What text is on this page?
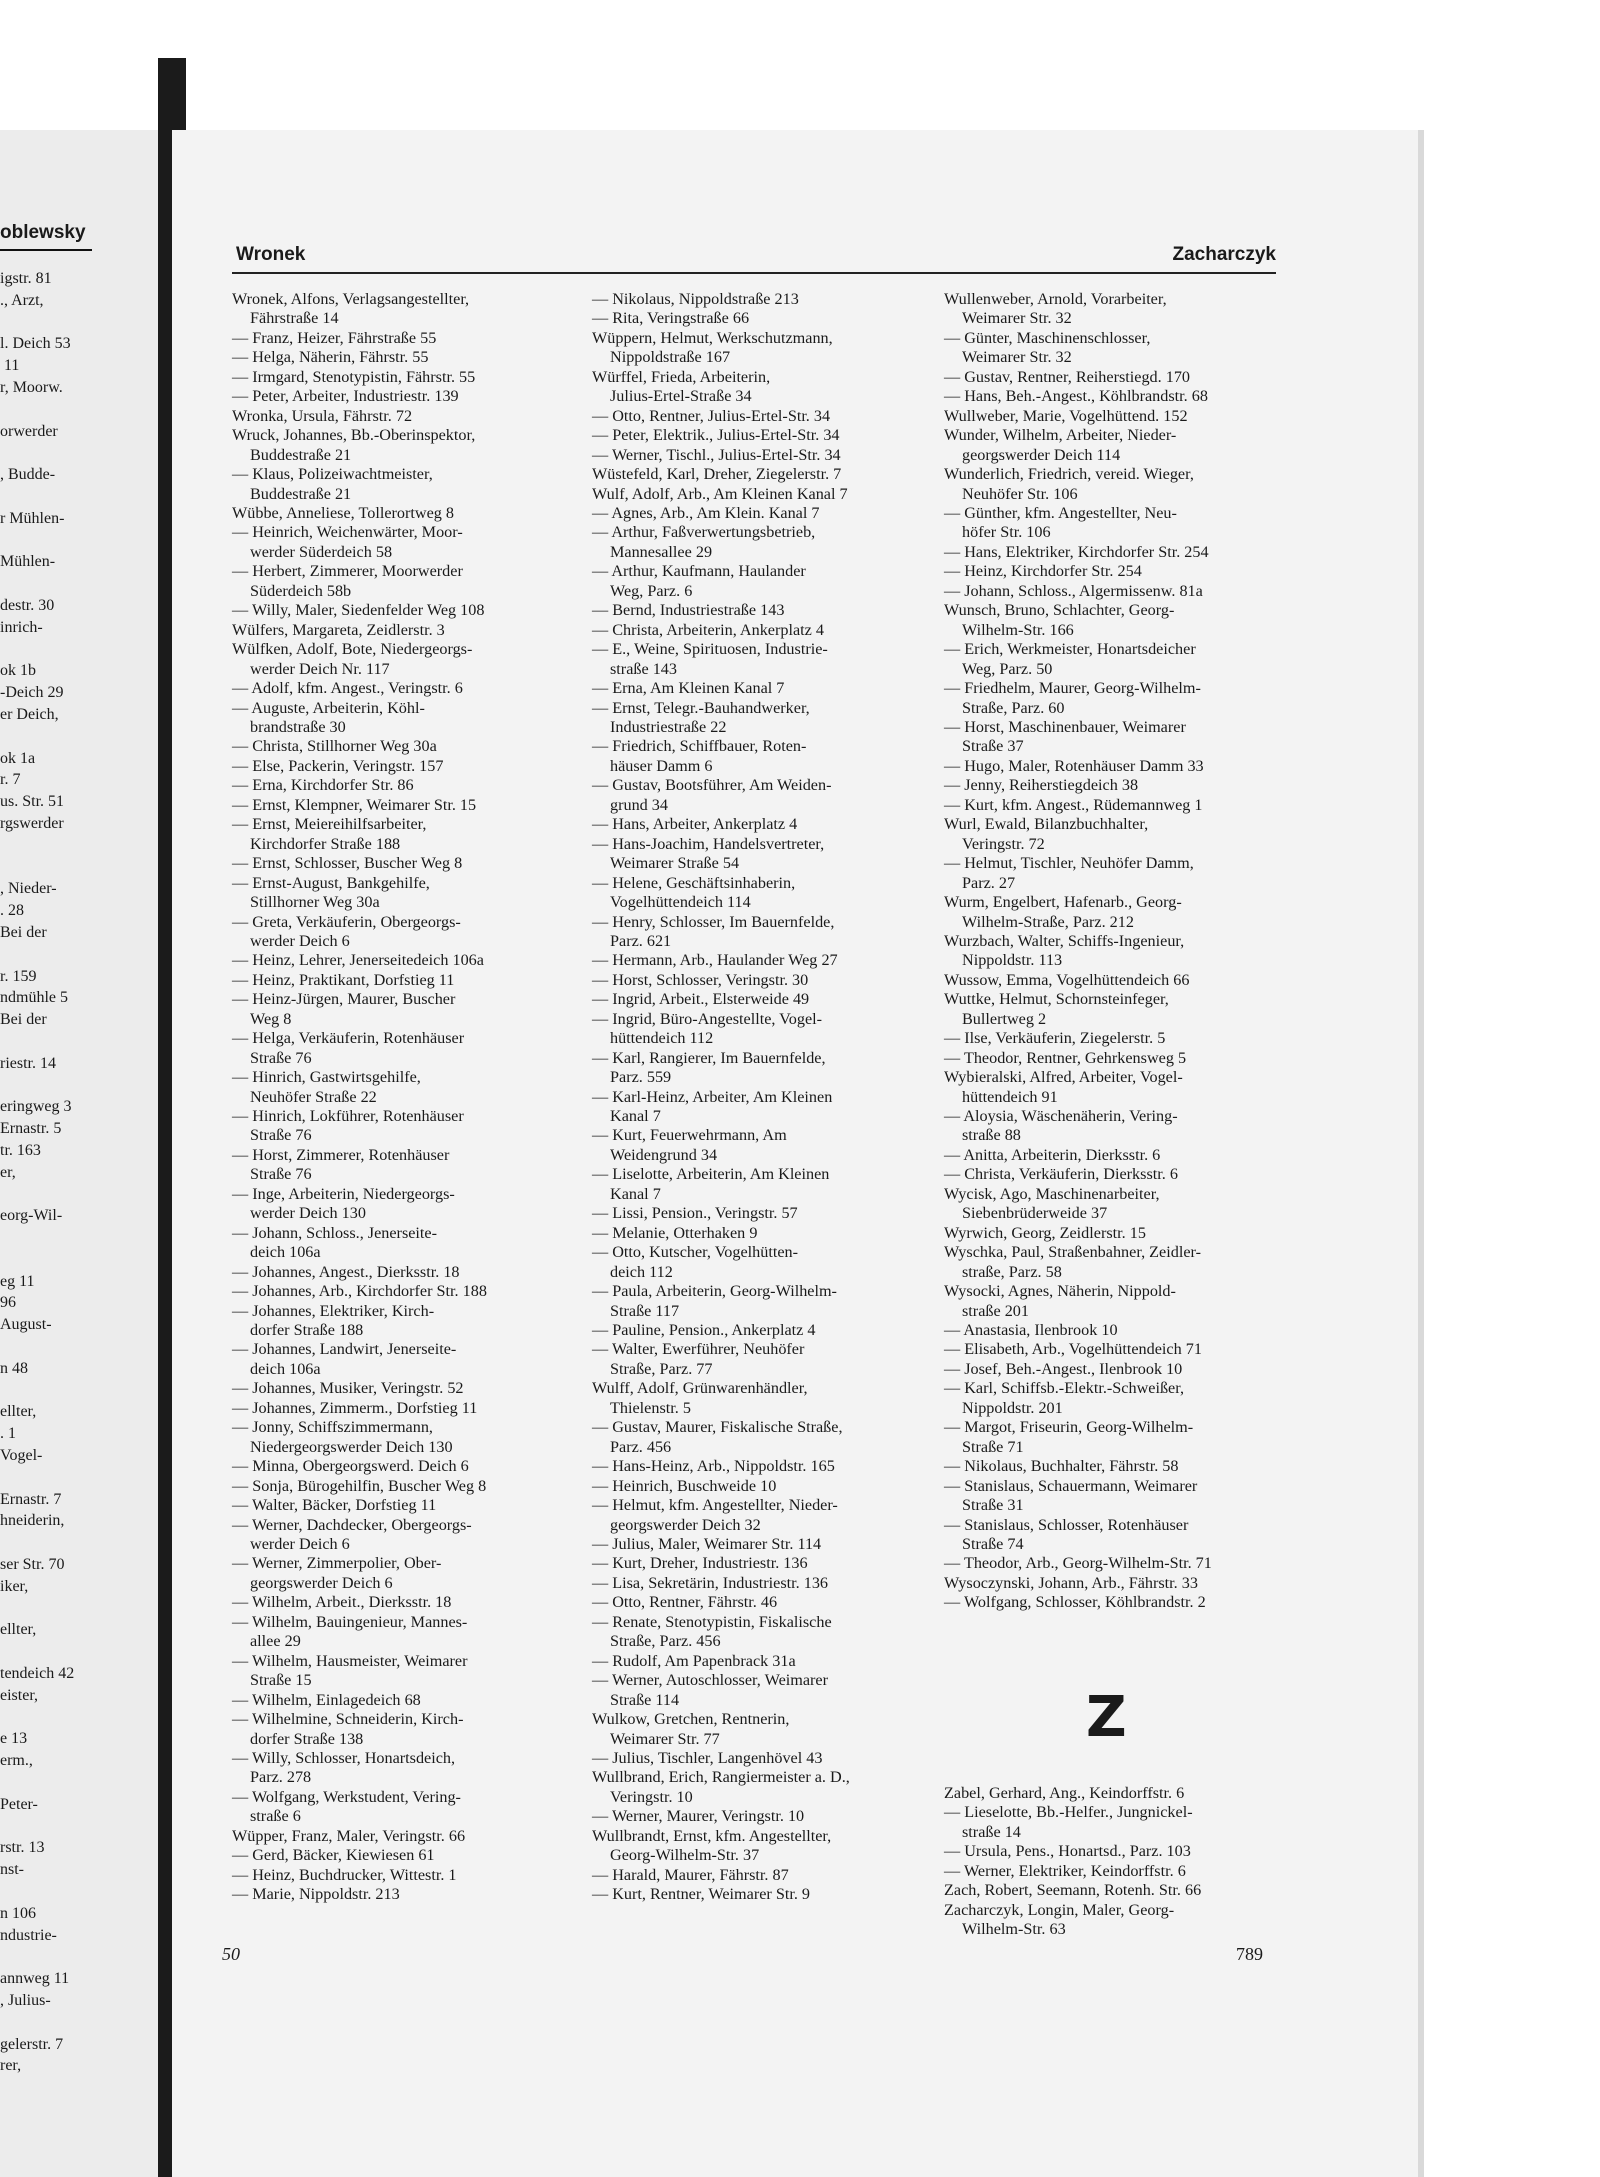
oblewsky
igstr. 81
., Arzt,

l. Deich 53
11
r, Moorw.

orwerder

, Budde-

r Mühlen-

Mühlen-

destr. 30
inrich-

ok 1b
-Deich 29
er Deich,

ok 1a
r. 7
us. Str. 51
rgswerder

, Nieder-
. 28
Bei der

r. 159
ndmühle 5
Bei der

riestr. 14

eringweg 3
Ernastr. 5
tr. 163
er,

eorg-Wil-

eg 11
96
August-

n 48

ellter,
. 1
Vogel-

Ernastr. 7
hneiderin,

ser Str. 70
iker,

ellter,

tendeich 42
eister,

e 13
erm.,

Peter-

rstr. 13
nst-

n 106
ndustrie-

annweg 11
, Julius-

gelerstr. 7
rer,
Wronek	Zacharczyk
Wronek, Alfons, Verlagsangestellter,
Fährstraße 14
— Franz, Heizer, Fährstraße 55
— Helga, Näherin, Fährstr. 55
— Irmgard, Stenotypistin, Fährstr. 55
— Peter, Arbeiter, Industriestr. 139
Wronka, Ursula, Fährstr. 72
Wruck, Johannes, Bb.-Oberinspektor,
Buddestraße 21
— Klaus, Polizeiwachtmeister,
Buddestraße 21
Wübbe, Anneliese, Tollerortweg 8
— Heinrich, Weichenwärter, Moor-
werder Süderdeich 58
— Herbert, Zimmerer, Moorwerder
Süderdeich 58b
— Willy, Maler, Siedenfelder Weg 108
Wülfers, Margareta, Zeidlerstr. 3
Wülfken, Adolf, Bote, Niedergeorgs-
werder Deich Nr. 117
— Adolf, kfm. Angest., Veringstr. 6
— Auguste, Arbeiterin, Köhl-
brandstraße 30
— Christa, Stillhorner Weg 30a
— Else, Packerin, Veringstr. 157
— Erna, Kirchdorfer Str. 86
— Ernst, Klempner, Weimarer Str. 15
— Ernst, Meiereihilfsarbeiter,
Kirchdorfer Straße 188
— Ernst, Schlosser, Buscher Weg 8
— Ernst-August, Bankgehilfe,
Stillhorner Weg 30a
— Greta, Verkäuferin, Obergeorgs-
werder Deich 6
— Heinz, Lehrer, Jenerseitedeich 106a
— Heinz, Praktikant, Dorfstieg 11
— Heinz-Jürgen, Maurer, Buscher
Weg 8
— Helga, Verkäuferin, Rotenhäuser
Straße 76
— Hinrich, Gastwirtsgehilfe,
Neuhöfer Straße 22
— Hinrich, Lokführer, Rotenhäuser
Straße 76
— Horst, Zimmerer, Rotenhäuser
Straße 76
— Inge, Arbeiterin, Niedergeorgs-
werder Deich 130
— Johann, Schloss., Jenerseite-
deich 106a
— Johannes, Angest., Dierksstr. 18
— Johannes, Arb., Kirchdorfer Str. 188
— Johannes, Elektriker, Kirch-
dorfer Straße 188
— Johannes, Landwirt, Jenerseite-
deich 106a
— Johannes, Musiker, Veringstr. 52
— Johannes, Zimmerm., Dorfstieg 11
— Jonny, Schiffszimmermann,
Niedergeorgswerder Deich 130
— Minna, Obergeorgswerd. Deich 6
— Sonja, Bürogehilfin, Buscher Weg 8
— Walter, Bäcker, Dorfstieg 11
— Werner, Dachdecker, Obergeorgs-
werder Deich 6
— Werner, Zimmerpolier, Ober-
georgswerder Deich 6
— Wilhelm, Arbeit., Dierksstr. 18
— Wilhelm, Bauingenieur, Mannes-
allee 29
— Wilhelm, Hausmeister, Weimarer
Straße 15
— Wilhelm, Einlagedeich 68
— Wilhelmine, Schneiderin, Kirch-
dorfer Straße 138
— Willy, Schlosser, Honartsdeich,
Parz. 278
— Wolfgang, Werkstudent, Vering-
straße 6
Wüpper, Franz, Maler, Veringstr. 66
— Gerd, Bäcker, Kiewiesen 61
— Heinz, Buchdrucker, Wittestr. 1
— Marie, Nippoldstr. 213
— Nikolaus, Nippoldstraße 213
— Rita, Veringstraße 66
Wüppern, Helmut, Werkschutzmann,
Nippoldstraße 167
Würffel, Frieda, Arbeiterin,
Julius-Ertel-Straße 34
— Otto, Rentner, Julius-Ertel-Str. 34
— Peter, Elektrik., Julius-Ertel-Str. 34
— Werner, Tischl., Julius-Ertel-Str. 34
Wüstefeld, Karl, Dreher, Ziegelerstr. 7
Wulf, Adolf, Arb., Am Kleinen Kanal 7
— Agnes, Arb., Am Klein. Kanal 7
— Arthur, Faßverwertungsbetrieb,
Mannesallee 29
— Arthur, Kaufmann, Haulander
Weg, Parz. 6
— Bernd, Industriestraße 143
— Christa, Arbeiterin, Ankerplatz 4
— E., Weine, Spirituosen, Industrie-
straße 143
— Erna, Am Kleinen Kanal 7
— Ernst, Telegr.-Bauhandwerker,
Industriestraße 22
— Friedrich, Schiffbauer, Roten-
häuser Damm 6
— Gustav, Bootsführer, Am Weiden-
grund 34
— Hans, Arbeiter, Ankerplatz 4
— Hans-Joachim, Handelsvertreter,
Weimarer Straße 54
— Helene, Geschäftsinhaberin,
Vogelhüttendeich 114
— Henry, Schlosser, Im Bauernfelde,
Parz. 621
— Hermann, Arb., Haulander Weg 27
— Horst, Schlosser, Veringstr. 30
— Ingrid, Arbeit., Elsterweide 49
— Ingrid, Büro-Angestellte, Vogel-
hüttendeich 112
— Karl, Rangierer, Im Bauernfelde,
Parz. 559
— Karl-Heinz, Arbeiter, Am Kleinen
Kanal 7
— Kurt, Feuerwehrmann, Am
Weidengrund 34
— Liselotte, Arbeiterin, Am Kleinen
Kanal 7
— Lissi, Pension., Veringstr. 57
— Melanie, Otterhaken 9
— Otto, Kutscher, Vogelhütten-
deich 112
— Paula, Arbeiterin, Georg-Wilhelm-
Straße 117
— Pauline, Pension., Ankerplatz 4
— Walter, Ewerführer, Neuhöfer
Straße, Parz. 77
Wulff, Adolf, Grünwarenhändler,
Thielenstr. 5
— Gustav, Maurer, Fiskalische Straße,
Parz. 456
— Hans-Heinz, Arb., Nippoldstr. 165
— Heinrich, Buschweide 10
— Helmut, kfm. Angestellter, Nieder-
georgswerder Deich 32
— Julius, Maler, Weimarer Str. 114
— Kurt, Dreher, Industriestr. 136
— Lisa, Sekretärin, Industriestr. 136
— Otto, Rentner, Fährstr. 46
— Renate, Stenotypistin, Fiskalische
Straße, Parz. 456
— Rudolf, Am Papenbrack 31a
— Werner, Autoschlosser, Weimarer
Straße 114
Wulkow, Gretchen, Rentnerin,
Weimarer Str. 77
— Julius, Tischler, Langenhövel 43
Wullbrand, Erich, Rangiermeister a. D.,
Veringstr. 10
— Werner, Maurer, Veringstr. 10
Wullbrandt, Ernst, kfm. Angestellter,
Georg-Wilhelm-Str. 37
— Harald, Maurer, Fährstr. 87
— Kurt, Rentner, Weimarer Str. 9
Wullenweber, Arnold, Vorarbeiter,
Weimarer Str. 32
— Günter, Maschinenschlosser,
Weimarer Str. 32
— Gustav, Rentner, Reiherstiegd. 170
— Hans, Beh.-Angest., Köhlbrandstr. 68
Wullweber, Marie, Vogelhüttend. 152
Wunder, Wilhelm, Arbeiter, Nieder-
georgswerder Deich 114
Wunderlich, Friedrich, vereid. Wieger,
Neuhöfer Str. 106
— Günther, kfm. Angestellter, Neu-
höfer Str. 106
— Hans, Elektriker, Kirchdorfer Str. 254
— Heinz, Kirchdorfer Str. 254
— Johann, Schloss., Algermissenw. 81a
Wunsch, Bruno, Schlachter, Georg-
Wilhelm-Str. 166
— Erich, Werkmeister, Honartsdeicher
Weg, Parz. 50
— Friedhelm, Maurer, Georg-Wilhelm-
Straße, Parz. 60
— Horst, Maschinenbauer, Weimarer
Straße 37
— Hugo, Maler, Rotenhäuser Damm 33
— Jenny, Reiherstiegdeich 38
— Kurt, kfm. Angest., Rüdemannweg 1
Wurl, Ewald, Bilanzbuchhalter,
Veringstr. 72
— Helmut, Tischler, Neuhöfer Damm,
Parz. 27
Wurm, Engelbert, Hafenarb., Georg-
Wilhelm-Straße, Parz. 212
Wurzbach, Walter, Schiffs-Ingenieur,
Nippoldstr. 113
Wussow, Emma, Vogelhüttendeich 66
Wuttke, Helmut, Schornsteinfeger,
Bullertweg 2
— Ilse, Verkäuferin, Ziegelerstr. 5
— Theodor, Rentner, Gehrkensweg 5
Wybieralski, Alfred, Arbeiter, Vogel-
hüttendeich 91
— Aloysia, Wäschenäherin, Vering-
straße 88
— Anitta, Arbeiterin, Dierksstr. 6
— Christa, Verkäuferin, Dierksstr. 6
Wycisk, Ago, Maschinenarbeiter,
Siebenbrüderweide 37
Wyrwich, Georg, Zeidlerstr. 15
Wyschka, Paul, Straßenbahner, Zeidler-
straße, Parz. 58
Wysocki, Agnes, Näherin, Nippold-
straße 201
— Anastasia, Ilenbrook 10
— Elisabeth, Arb., Vogelhüttendeich 71
— Josef, Beh.-Angest., Ilenbrook 10
— Karl, Schiffsb.-Elektr.-Schweißer,
Nippoldstr. 201
— Margot, Friseurin, Georg-Wilhelm-
Straße 71
— Nikolaus, Buchhalter, Fährstr. 58
— Stanislaus, Schauermann, Weimarer
Straße 31
— Stanislaus, Schlosser, Rotenhäuser
Straße 74
— Theodor, Arb., Georg-Wilhelm-Str. 71
Wysoczynski, Johann, Arb., Fährstr. 33
— Wolfgang, Schlosser, Köhlbrandstr. 2
Z
Zabel, Gerhard, Ang., Keindorffstr. 6
— Lieselotte, Bb.-Helfer., Jungnickel-
straße 14
— Ursula, Pens., Honartsd., Parz. 103
— Werner, Elektriker, Keindorffstr. 6
Zach, Robert, Seemann, Rotenh. Str. 66
Zacharczyk, Longin, Maler, Georg-
Wilhelm-Str. 63
50	789
